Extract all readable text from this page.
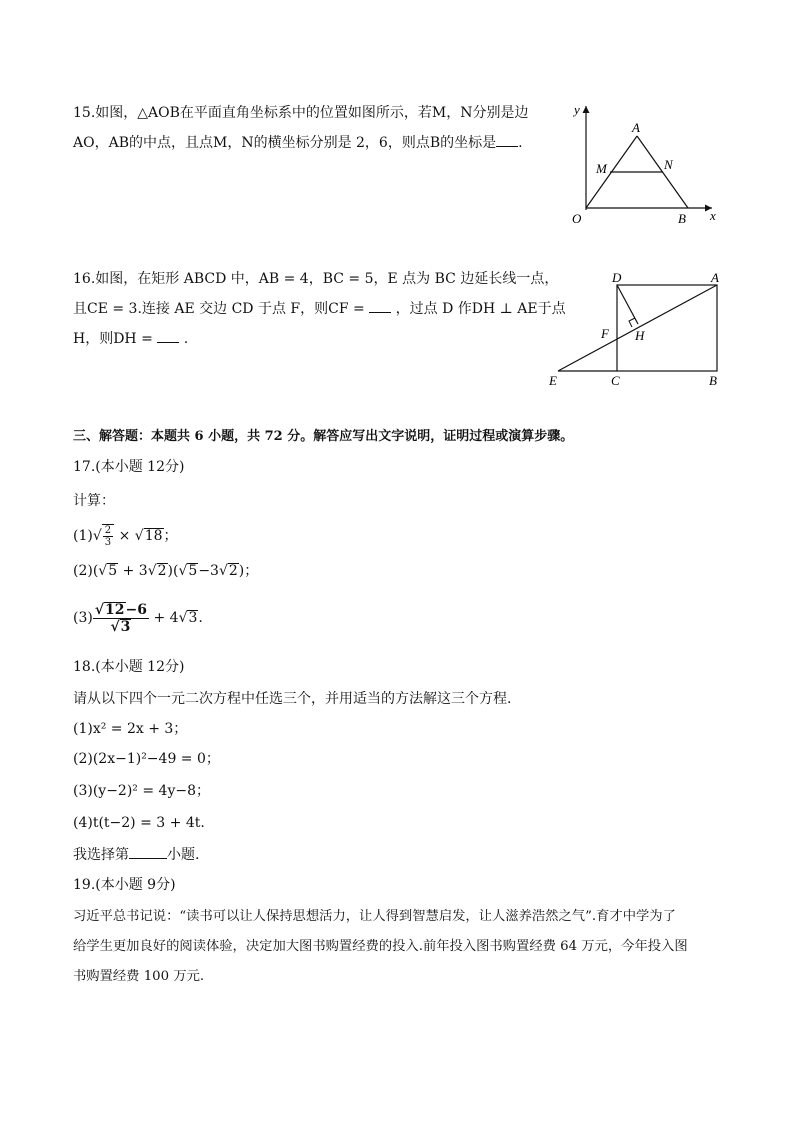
15.如图，△AOB在平面直角坐标系中的位置如图所示，若M，N分别是边
AO，AB的中点，且点M，N的横坐标分别是 2，6，则点B的坐标是 .
y
x
O
A
B
M	N
16.如图，在矩形 ABCD 中，AB = 4，BC = 5，E 点为 BC 边延长线一点，
且CE = 3.连接 AE 交边 CD 于点 F，则CF = ，过点 D 作DH ⊥ AE于点
H，则DH = .
D	A
F H
E	C	B
三、解答题：本题共 6 小题，共 72 分。解答应写出文字说明，证明过程或演算步骤。
17.(本小题 12分)
计算：
$(1)√ \frac{2}{3} \times √18$；
(2)(√5 + 3√2)(√5−3√2)；
$(3) \frac{√12-6}{√3} + 4√3$.
18.(本小题 12分)
请从以下四个一元二次方程中任选三个，并用适当的方法解这三个方程.
(1)x² = 2x + 3；
(2)(2x−1)²−49 = 0；
(3)(y−2)² = 4y−8；
(4)t(t−2) = 3 + 4t.
我选择第	小题.
19.(本小题 9分)
习近平总书记说：“读书可以让人保持思想活力，让人得到智慧启发，让人滋养浩然之气”.育才中学为了
给学生更加良好的阅读体验，决定加大图书购置经费的投入.前年投入图书购置经费 64 万元，今年投入图
书购置经费 100 万元.
